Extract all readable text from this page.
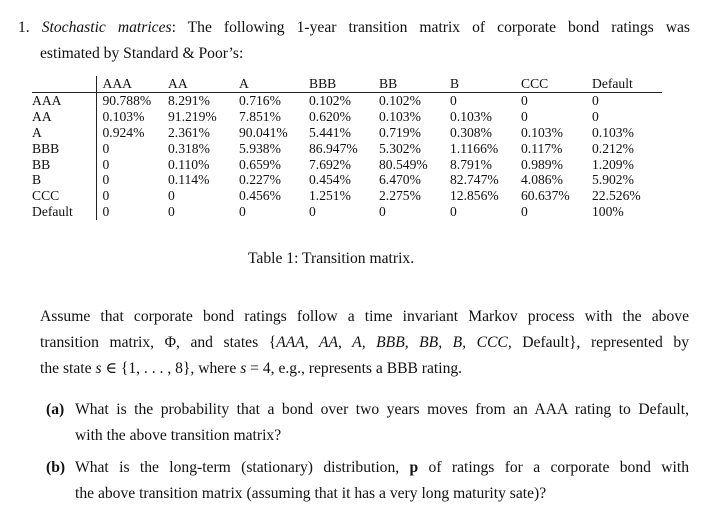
1. Stochastic matrices: The following 1-year transition matrix of corporate bond ratings was
estimated by Standard & Poor’s:
	AAA	AA	A	BBB	BB	B	CCC	Default
AAA	90.788%	8.291%	0.716%	0.102%	0.102%	0	0	0
AA	0.103%	91.219%	7.851%	0.620%	0.103%	0.103%	0	0
A	0.924%	2.361%	90.041%	5.441%	0.719%	0.308%	0.103%	0.103%
BBB	0	0.318%	5.938%	86.947%	5.302%	1.1166%	0.117%	0.212%
BB	0	0.110%	0.659%	7.692%	80.549%	8.791%	0.989%	1.209%
B	0	0.114%	0.227%	0.454%	6.470%	82.747%	4.086%	5.902%
CCC	0	0	0.456%	1.251%	2.275%	12.856%	60.637%	22.526%
Default	0	0	0	0	0	0	0	100%
Table 1: Transition matrix.
Assume that corporate bond ratings follow a time invariant Markov process with the above
transition matrix, Φ, and states {AAA, AA, A, BBB, BB, B, CCC, Default}, represented by
the state s ∈ {1, . . . , 8}, where s = 4, e.g., represents a BBB rating.
(a) What is the probability that a bond over two years moves from an AAA rating to Default,
with the above transition matrix?
(b) What is the long-term (stationary) distribution, p of ratings for a corporate bond with
the above transition matrix (assuming that it has a very long maturity sate)?
